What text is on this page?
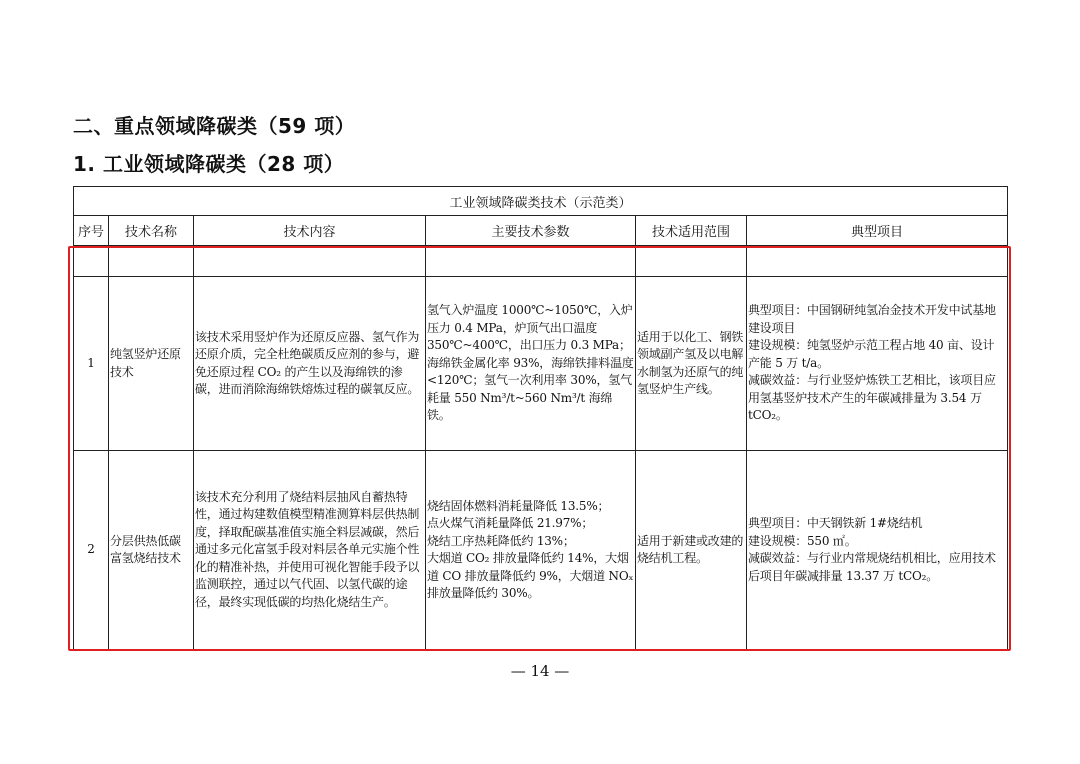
二、重点领域降碳类（59 项）
1. 工业领域降碳类（28 项）
工业领域降碳类技术（示范类）					
序号	技术名称	技术内容	主要技术参数	技术适用范围	典型项目

1	纯氢竖炉还原技术	该技术采用竖炉作为还原反应器、氢气作为还原介质，完全杜绝碳质反应剂的参与，避免还原过程 CO₂ 的产生以及海绵铁的渗碳，进而消除海绵铁熔炼过程的碳氧反应。	氢气入炉温度 1000℃~1050℃，入炉压力 0.4 MPa，炉顶气出口温度 350℃~400℃，出口压力 0.3 MPa；海绵铁金属化率 93%，海绵铁排料温度<120℃；氢气一次利用率 30%，氢气耗量 550 Nm³/t~560 Nm³/t 海绵铁。	适用于以化工、钢铁领域副产氢及以电解水制氢为还原气的纯氢竖炉生产线。	典型项目：中国钢研纯氢冶金技术开发中试基地建设项目
建设规模：纯氢竖炉示范工程占地 40 亩、设计产能 5 万 t/a。
减碳效益：与行业竖炉炼铁工艺相比，该项目应用氢基竖炉技术产生的年碳减排量为 3.54 万 tCO₂。
2	分层供热低碳富氢烧结技术	该技术充分利用了烧结料层抽风自蓄热特性，通过构建数值模型精准测算料层供热制度，择取配碳基准值实施全料层减碳，然后通过多元化富氢手段对料层各单元实施个性化的精准补热，并使用可视化智能手段予以监测联控，通过以气代固、以氢代碳的途径，最终实现低碳的均热化烧结生产。	烧结固体燃料消耗量降低 13.5%；
点火煤气消耗量降低 21.97%；
烧结工序热耗降低约 13%；
大烟道 CO₂ 排放量降低约 14%，大烟道 CO 排放量降低约 9%，大烟道 NOₓ 排放量降低约 30%。	适用于新建或改建的烧结机工程。	典型项目：中天钢铁新 1#烧结机
建设规模：550 ㎡。
减碳效益：与行业内常规烧结机相比，应用技术后项目年碳减排量 13.37 万 tCO₂。
— 14 —
